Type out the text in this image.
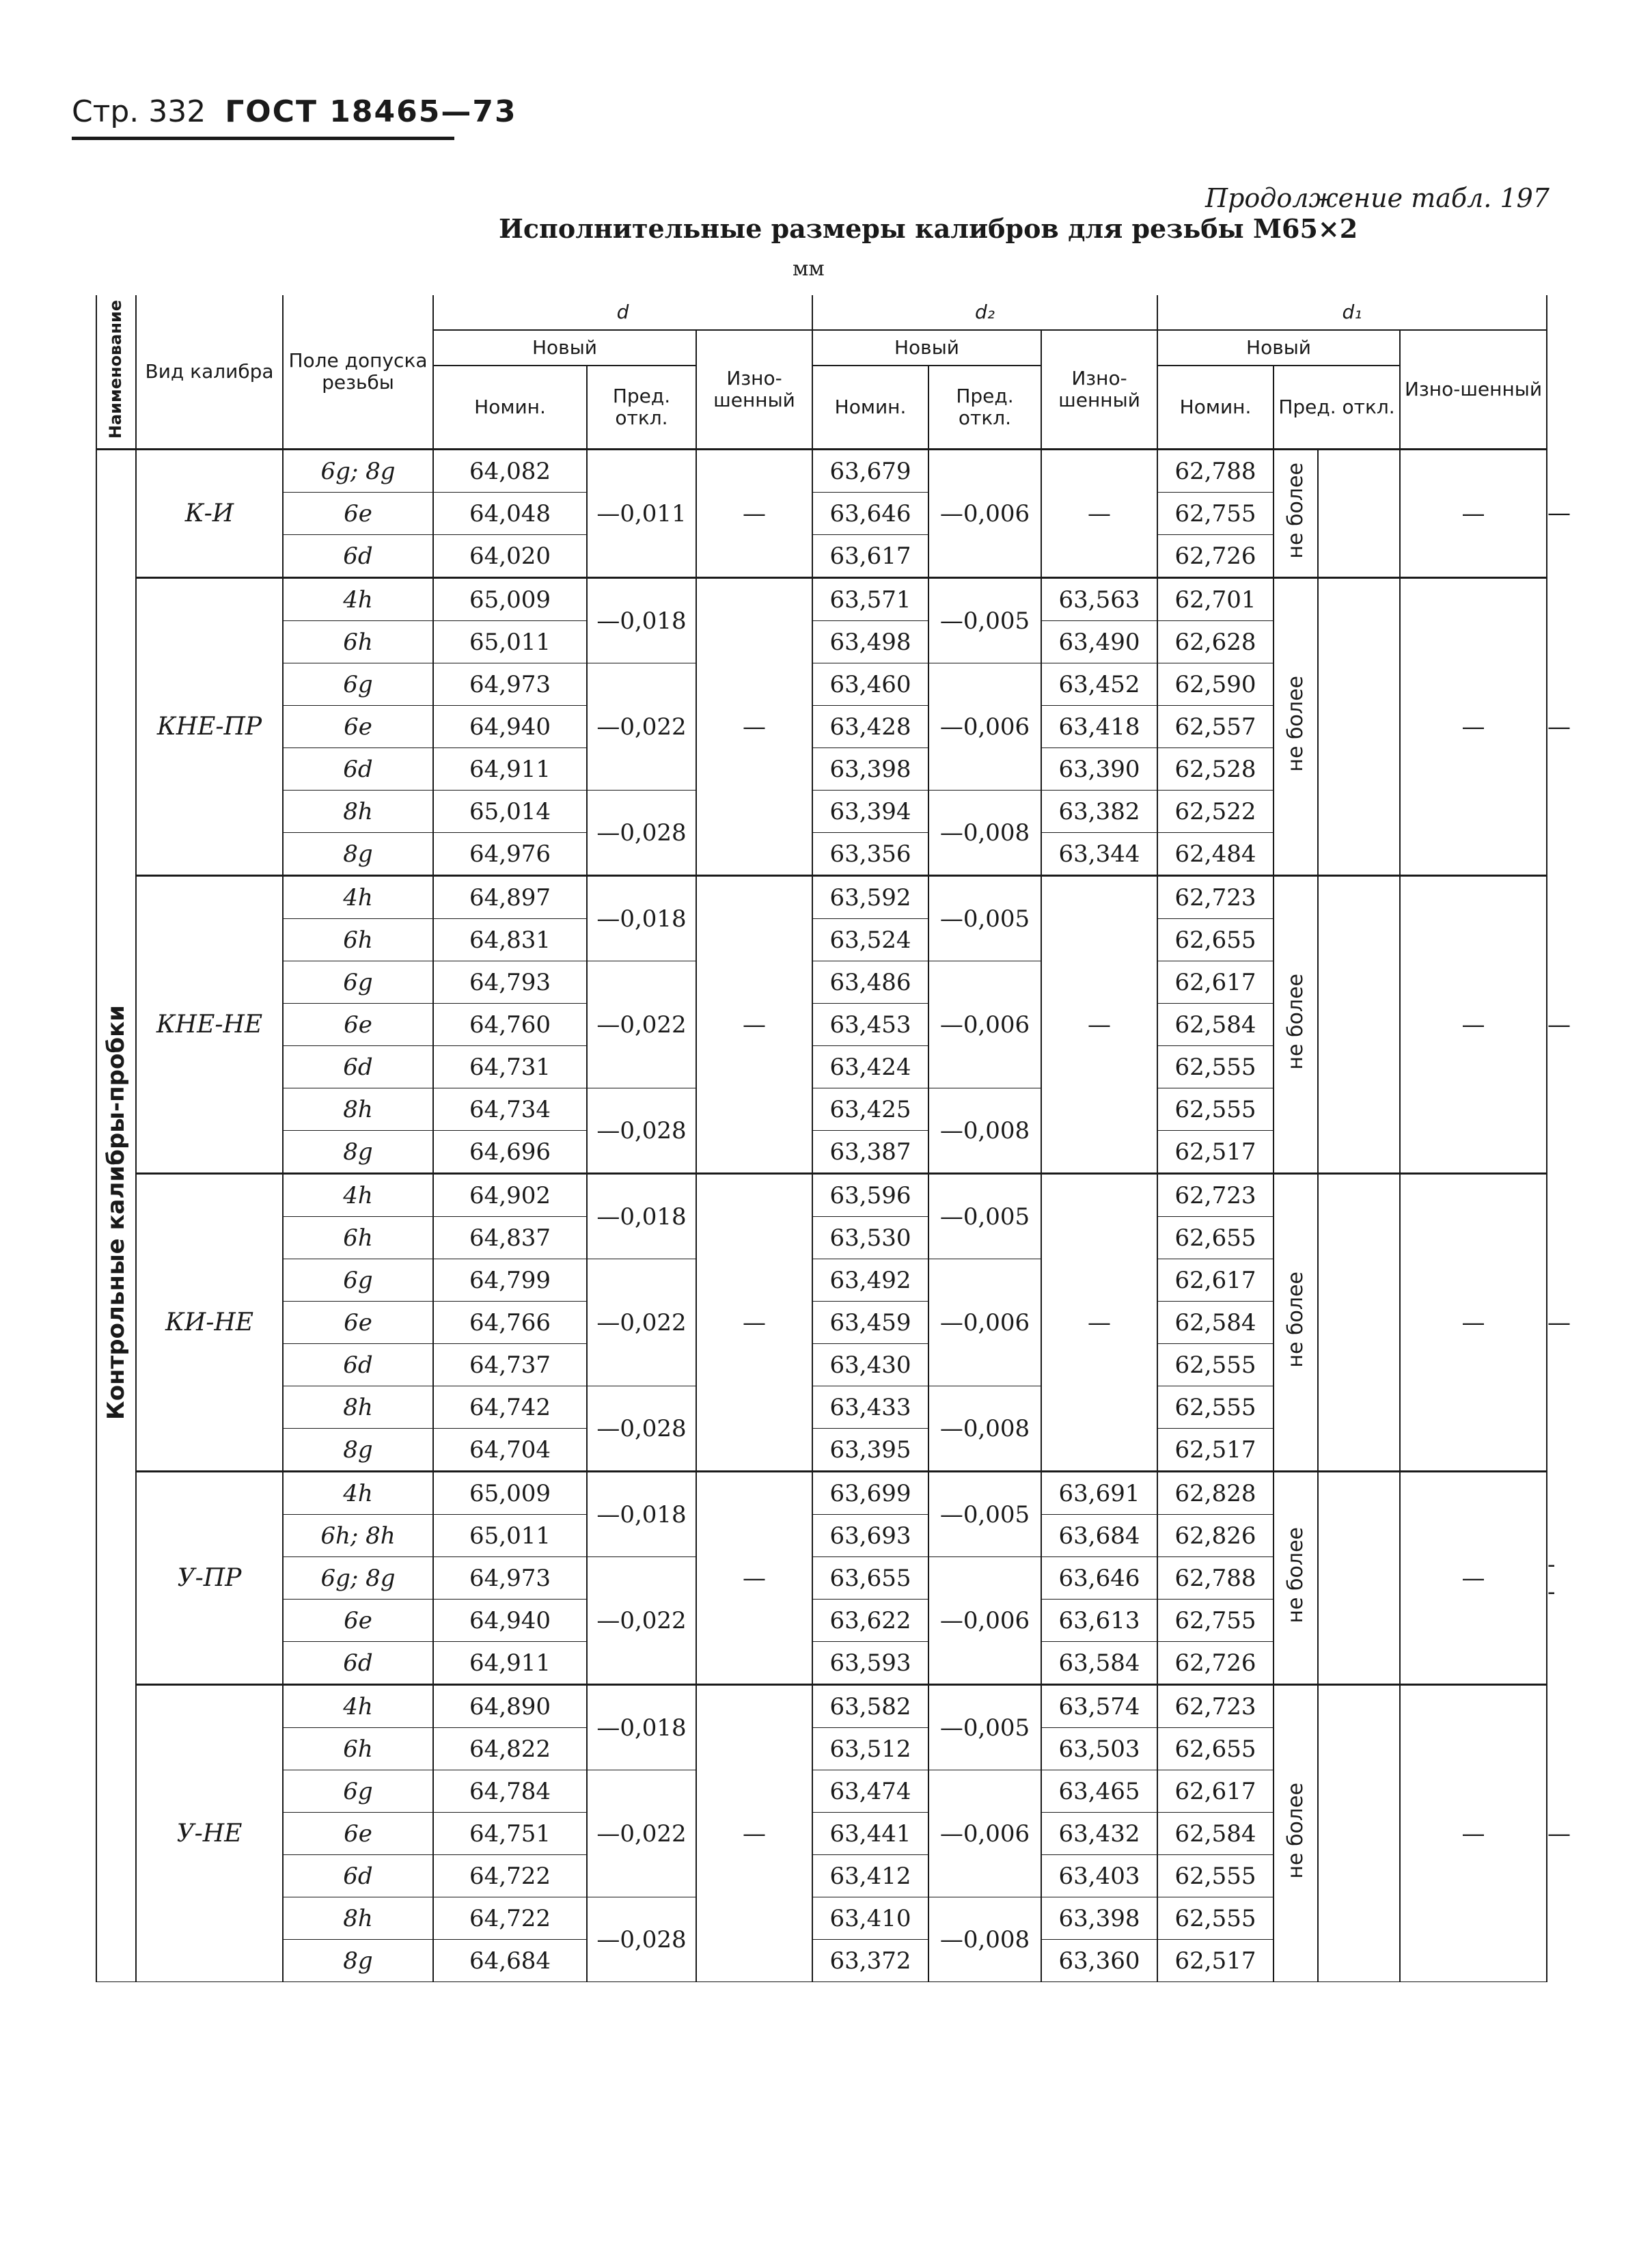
Стр. 332 ГОСТ 18465—73
Продолжение табл. 197
Исполнительные размеры калибров для резьбы М65×2
мм
Наименование	Вид калибра	Поле допуска резьбы	d			d₂			d₁				
			Новый		Изно-шенный	Новый		Изно-шенный	Новый			Изно-шенный	
			Номин.	Пред. откл.		Номин.	Пред. откл.		Номин.	Пред. откл.			
Контрольные калибры-пробки	К-И	6g; 8g	64,082	—0,011	—	63,679	—0,006	—	62,788	не более		—	—
		6e	64,048			63,646			62,755				
		6d	64,020			63,617			62,726				
	КНЕ-ПР	4h	65,009	—0,018	—	63,571	—0,005	63,563	62,701	не более		—	—
		6h	65,011			63,498		63,490	62,628				
		6g	64,973	—0,022		63,460	—0,006	63,452	62,590				
		6e	64,940			63,428		63,418	62,557				
		6d	64,911			63,398		63,390	62,528				
		8h	65,014	—0,028		63,394	—0,008	63,382	62,522				
		8g	64,976			63,356		63,344	62,484				
	КНЕ-НЕ	4h	64,897	—0,018	—	63,592	—0,005	—	62,723	не более		—	—
		6h	64,831			63,524			62,655				
		6g	64,793	—0,022		63,486	—0,006		62,617				
		6e	64,760			63,453			62,584				
		6d	64,731			63,424			62,555				
		8h	64,734	—0,028		63,425	—0,008		62,555				
		8g	64,696			63,387			62,517				
	КИ-НЕ	4h	64,902	—0,018	—	63,596	—0,005	—	62,723	не более		—	—
		6h	64,837			63,530			62,655				
		6g	64,799	—0,022		63,492	—0,006		62,617				
		6e	64,766			63,459			62,584				
		6d	64,737			63,430			62,555				
		8h	64,742	—0,028		63,433	—0,008		62,555				
		8g	64,704			63,395			62,517				
	У-ПР	4h	65,009	—0,018	—	63,699	—0,005	63,691	62,828	не более		—	--
		6h; 8h	65,011			63,693		63,684	62,826				
		6g; 8g	64,973	—0,022		63,655	—0,006	63,646	62,788				
		6e	64,940			63,622		63,613	62,755				
		6d	64,911			63,593		63,584	62,726				
	У-НЕ	4h	64,890	—0,018	—	63,582	—0,005	63,574	62,723	не более		—	—
		6h	64,822			63,512		63,503	62,655				
		6g	64,784	—0,022		63,474	—0,006	63,465	62,617				
		6e	64,751			63,441		63,432	62,584				
		6d	64,722			63,412		63,403	62,555				
		8h	64,722	—0,028		63,410	—0,008	63,398	62,555				
		8g	64,684			63,372		63,360	62,517				
